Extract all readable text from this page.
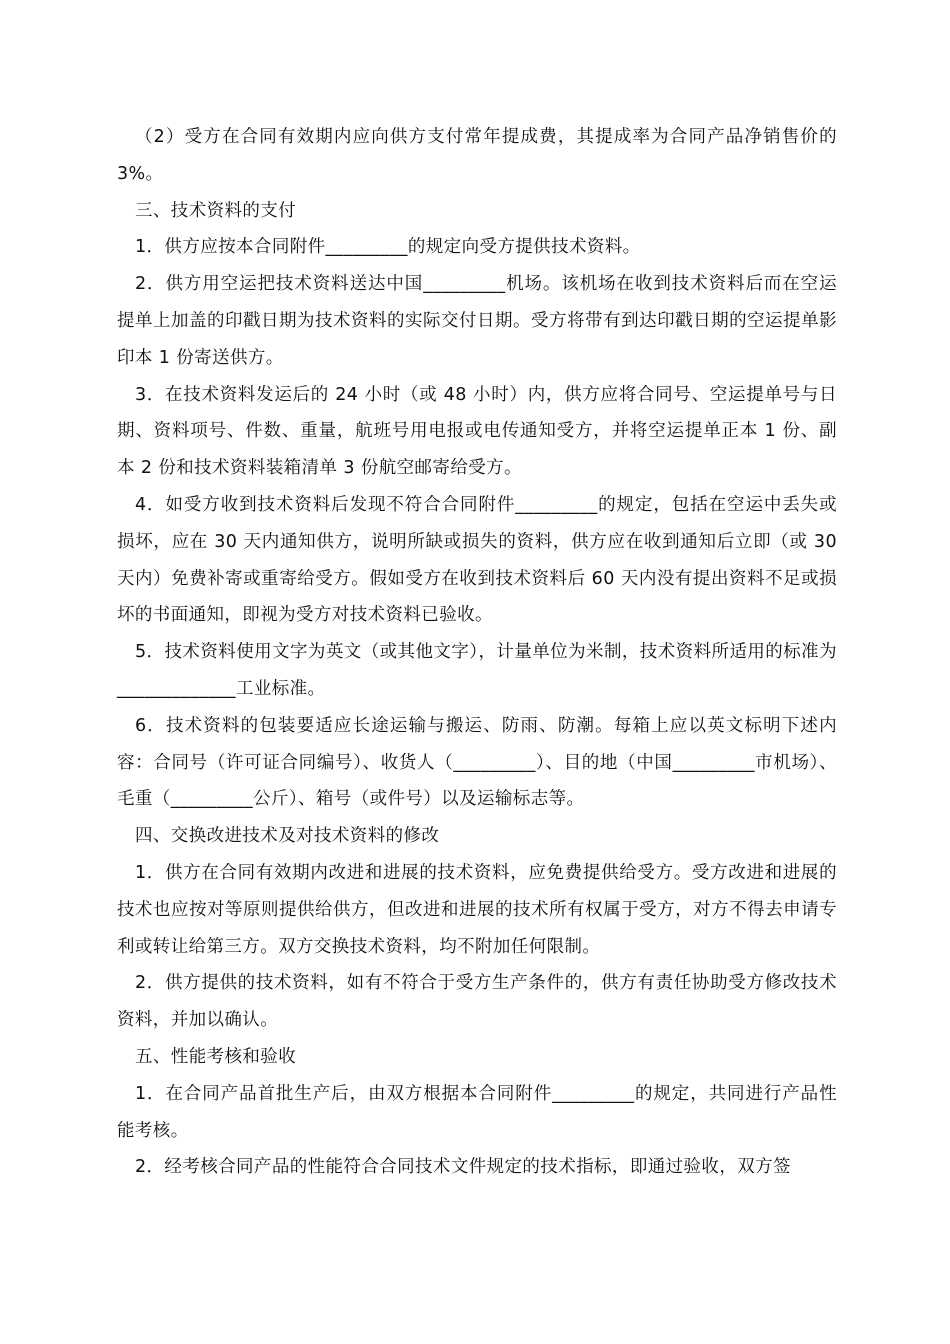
（2）受方在合同有效期内应向供方支付常年提成费，其提成率为合同产品净销售价的 3%。

三、技术资料的支付

1．供方应按本合同附件_________的规定向受方提供技术资料。

2．供方用空运把技术资料送达中国_________机场。该机场在收到技术资料后而在空运提单上加盖的印戳日期为技术资料的实际交付日期。受方将带有到达印戳日期的空运提单影印本 1 份寄送供方。

3．在技术资料发运后的 24 小时（或 48 小时）内，供方应将合同号、空运提单号与日期、资料项号、件数、重量，航班号用电报或电传通知受方，并将空运提单正本 1 份、副本 2 份和技术资料装箱清单 3 份航空邮寄给受方。

4．如受方收到技术资料后发现不符合合同附件_________的规定，包括在空运中丢失或损坏，应在 30 天内通知供方，说明所缺或损失的资料，供方应在收到通知后立即（或 30 天内）免费补寄或重寄给受方。假如受方在收到技术资料后 60 天内没有提出资料不足或损坏的书面通知，即视为受方对技术资料已验收。

5．技术资料使用文字为英文（或其他文字），计量单位为米制，技术资料所适用的标准为_____________工业标准。

6．技术资料的包装要适应长途运输与搬运、防雨、防潮。每箱上应以英文标明下述内容：合同号（许可证合同编号）、收货人（_________）、目的地（中国_________市机场）、毛重（_________公斤）、箱号（或件号）以及运输标志等。

四、交换改进技术及对技术资料的修改

1．供方在合同有效期内改进和进展的技术资料，应免费提供给受方。受方改进和进展的技术也应按对等原则提供给供方，但改进和进展的技术所有权属于受方，对方不得去申请专利或转让给第三方。双方交换技术资料，均不附加任何限制。

2．供方提供的技术资料，如有不符合于受方生产条件的，供方有责任协助受方修改技术资料，并加以确认。

五、性能考核和验收

1．在合同产品首批生产后，由双方根据本合同附件_________的规定，共同进行产品性能考核。

2．经考核合同产品的性能符合合同技术文件规定的技术指标，即通过验收，双方签
